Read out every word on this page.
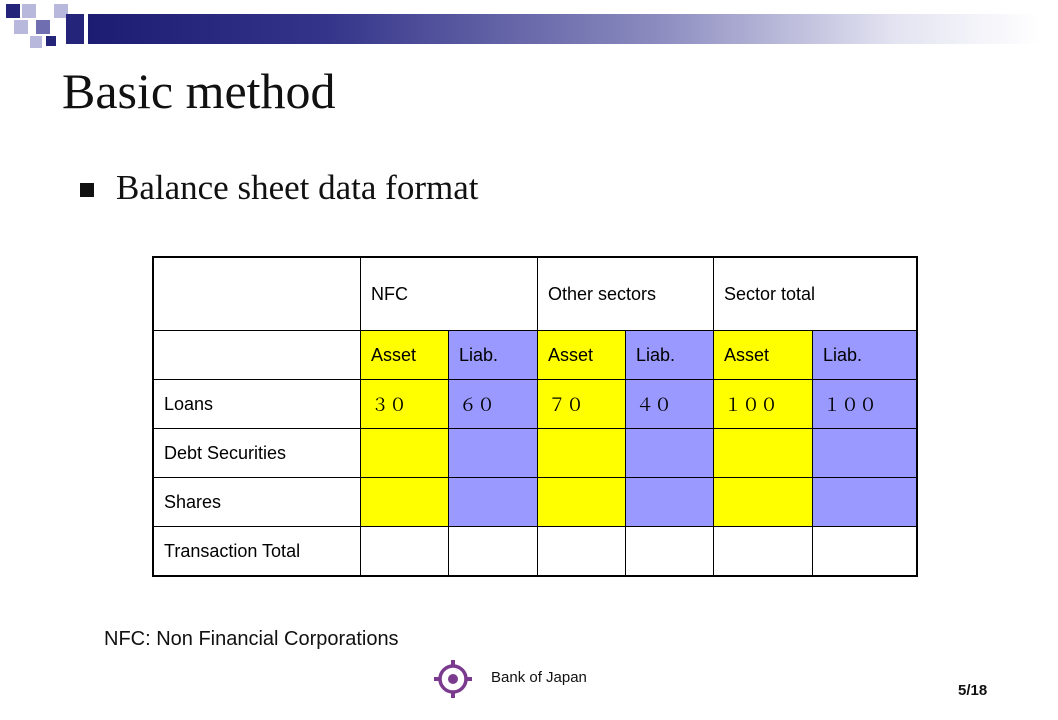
Basic method
Balance sheet data format
	NFC		Other sectors		Sector total	
	Asset	Liab.	Asset	Liab.	Asset	Liab.
Loans	３０	６０	７０	４０	１００	１００
Debt Securities						
Shares						
Transaction Total						
NFC: Non Financial Corporations
Bank of Japan
5/18
